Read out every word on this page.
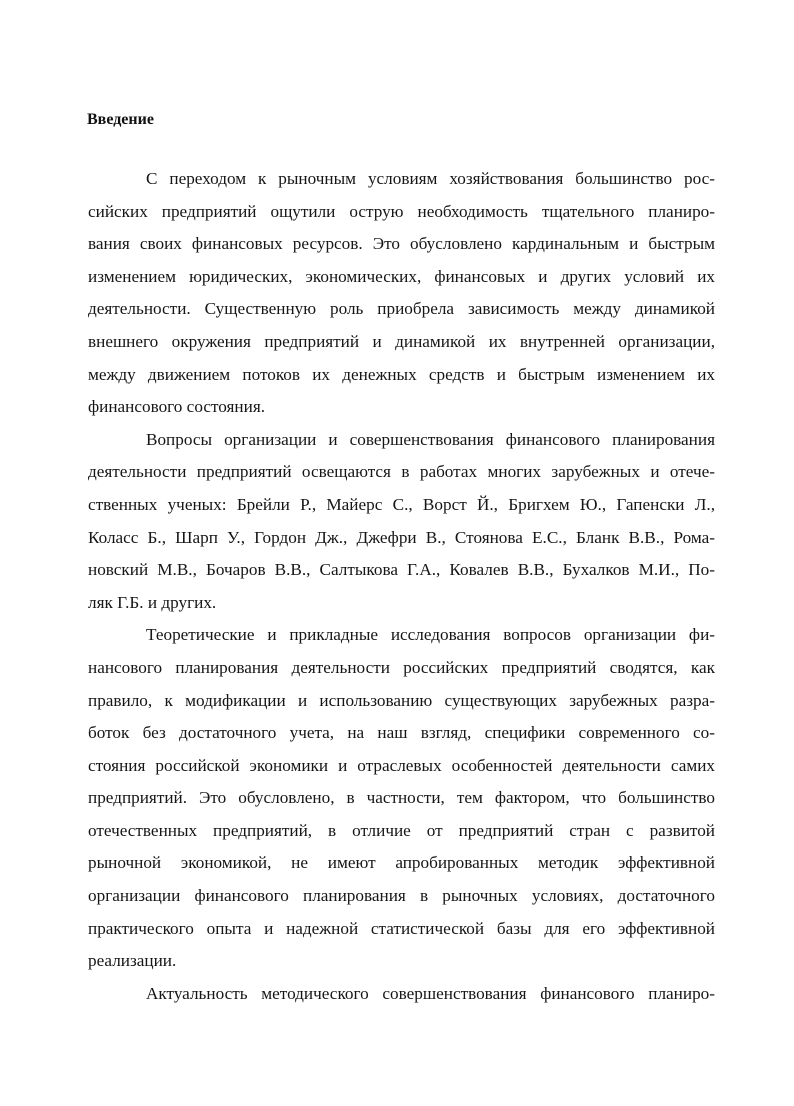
Введение
С переходом к рыночным условиям хозяйствования большинство рос-
сийских предприятий ощутили острую необходимость тщательного планиро-
вания своих финансовых ресурсов. Это обусловлено кардинальным и быстрым
изменением юридических, экономических, финансовых и других условий их
деятельности. Существенную роль приобрела зависимость между динамикой
внешнего окружения предприятий и динамикой их внутренней организации,
между движением потоков их денежных средств и быстрым изменением их
финансового состояния.
Вопросы организации и совершенствования финансового планирования
деятельности предприятий освещаются в работах многих зарубежных и отече-
ственных ученых: Брейли Р., Майерс С., Ворст Й., Бригхем Ю., Гапенски Л.,
Коласс Б., Шарп У., Гордон Дж., Джефри В., Стоянова Е.С., Бланк В.В., Рома-
новский М.В., Бочаров В.В., Салтыкова Г.А., Ковалев В.В., Бухалков М.И., По-
ляк Г.Б. и других.
Теоретические и прикладные исследования вопросов организации фи-
нансового планирования деятельности российских предприятий сводятся, как
правило, к модификации и использованию существующих зарубежных разра-
боток без достаточного учета, на наш взгляд, специфики современного со-
стояния российской экономики и отраслевых особенностей деятельности самих
предприятий. Это обусловлено, в частности, тем фактором, что большинство
отечественных предприятий, в отличие от предприятий стран с развитой
рыночной экономикой, не имеют апробированных методик эффективной
организации финансового планирования в рыночных условиях, достаточного
практического опыта и надежной статистической базы для его эффективной
реализации.
Актуальность методического совершенствования финансового планиро-
